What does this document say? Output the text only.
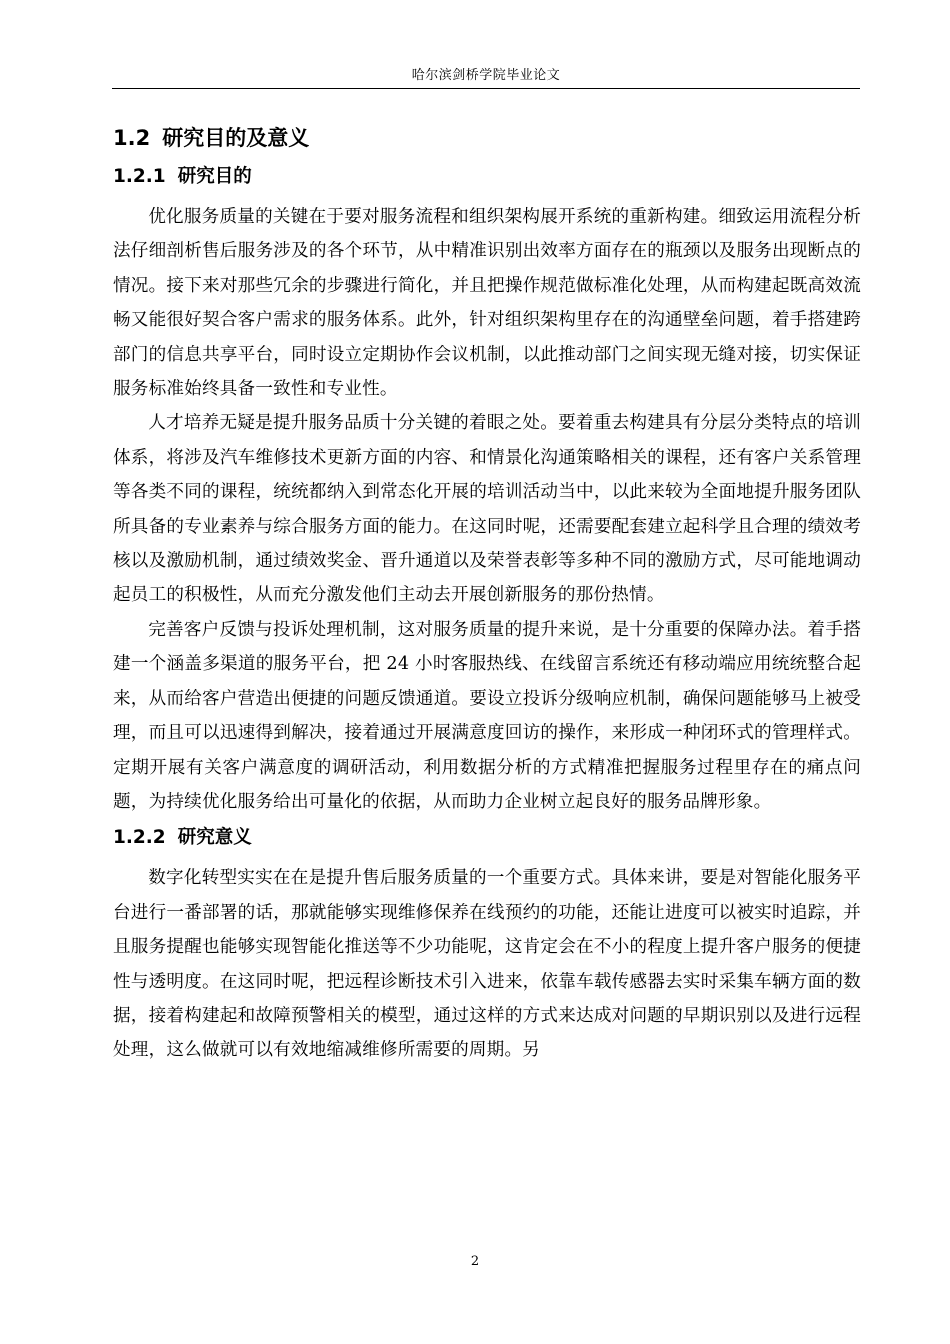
哈尔滨剑桥学院毕业论文
1.2 研究目的及意义
1.2.1 研究目的

优化服务质量的关键在于要对服务流程和组织架构展开系统的重新构建。细致运用流程分析法仔细剖析售后服务涉及的各个环节，从中精准识别出效率方面存在的瓶颈以及服务出现断点的情况。接下来对那些冗余的步骤进行简化，并且把操作规范做标准化处理，从而构建起既高效流畅又能很好契合客户需求的服务体系。此外，针对组织架构里存在的沟通壁垒问题，着手搭建跨部门的信息共享平台，同时设立定期协作会议机制，以此推动部门之间实现无缝对接，切实保证服务标准始终具备一致性和专业性。

人才培养无疑是提升服务品质十分关键的着眼之处。要着重去构建具有分层分类特点的培训体系，将涉及汽车维修技术更新方面的内容、和情景化沟通策略相关的课程，还有客户关系管理等各类不同的课程，统统都纳入到常态化开展的培训活动当中，以此来较为全面地提升服务团队所具备的专业素养与综合服务方面的能力。在这同时呢，还需要配套建立起科学且合理的绩效考核以及激励机制，通过绩效奖金、晋升通道以及荣誉表彰等多种不同的激励方式，尽可能地调动起员工的积极性，从而充分激发他们主动去开展创新服务的那份热情。

完善客户反馈与投诉处理机制，这对服务质量的提升来说，是十分重要的保障办法。着手搭建一个涵盖多渠道的服务平台，把 24 小时客服热线、在线留言系统还有移动端应用统统整合起来，从而给客户营造出便捷的问题反馈通道。要设立投诉分级响应机制，确保问题能够马上被受理，而且可以迅速得到解决，接着通过开展满意度回访的操作，来形成一种闭环式的管理样式。定期开展有关客户满意度的调研活动，利用数据分析的方式精准把握服务过程里存在的痛点问题，为持续优化服务给出可量化的依据，从而助力企业树立起良好的服务品牌形象。

1.2.2 研究意义

数字化转型实实在在是提升售后服务质量的一个重要方式。具体来讲，要是对智能化服务平台进行一番部署的话，那就能够实现维修保养在线预约的功能，还能让进度可以被实时追踪，并且服务提醒也能够实现智能化推送等不少功能呢，这肯定会在不小的程度上提升客户服务的便捷性与透明度。在这同时呢，把远程诊断技术引入进来，依靠车载传感器去实时采集车辆方面的数据，接着构建起和故障预警相关的模型，通过这样的方式来达成对问题的早期识别以及进行远程处理，这么做就可以有效地缩减维修所需要的周期。另

2
